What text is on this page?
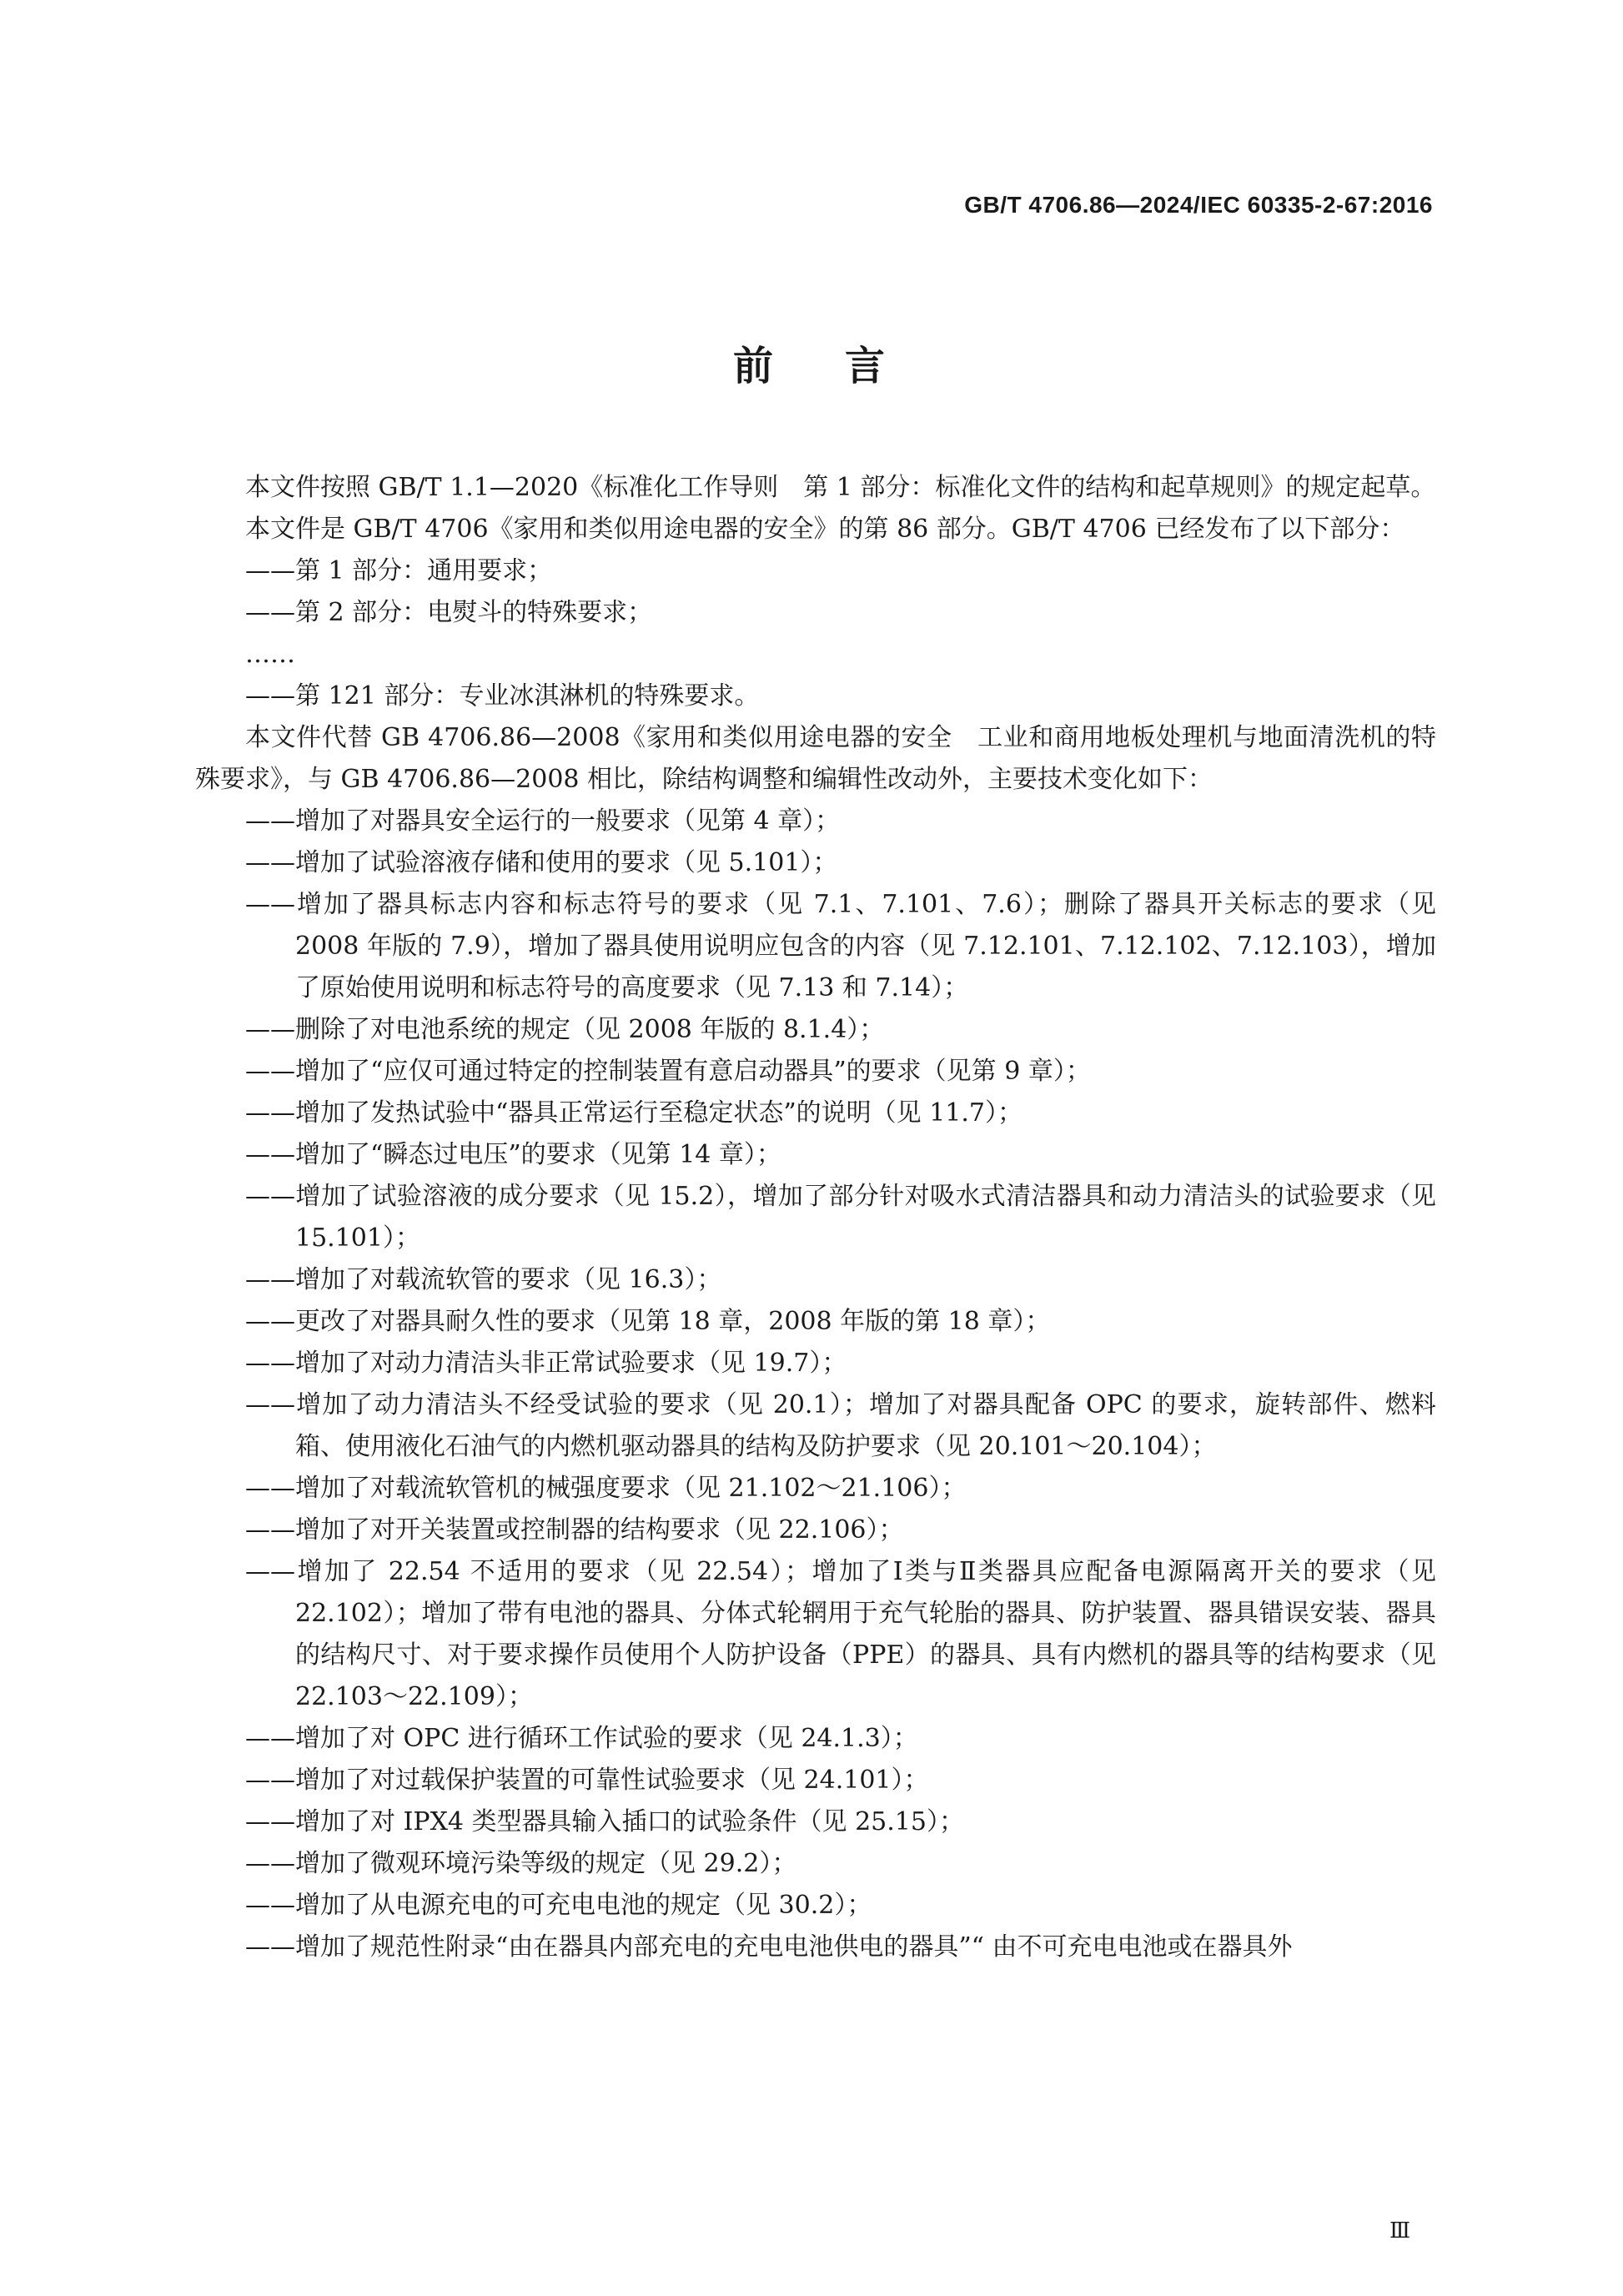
GB/T 4706.86—2024/IEC 60335-2-67:2016
前 言

本文件按照 GB/T 1.1—2020《标准化工作导则　第 1 部分：标准化文件的结构和起草规则》的规定起草。

本文件是 GB/T 4706《家用和类似用途电器的安全》的第 86 部分。GB/T 4706 已经发布了以下部分：

——第 1 部分：通用要求；

——第 2 部分：电熨斗的特殊要求；

……

——第 121 部分：专业冰淇淋机的特殊要求。

本文件代替 GB 4706.86—2008《家用和类似用途电器的安全　工业和商用地板处理机与地面清洗机的特殊要求》，与 GB 4706.86—2008 相比，除结构调整和编辑性改动外，主要技术变化如下：

——增加了对器具安全运行的一般要求（见第 4 章）；

——增加了试验溶液存储和使用的要求（见 5.101）；

——增加了器具标志内容和标志符号的要求（见 7.1、7.101、7.6）；删除了器具开关标志的要求（见 2008 年版的 7.9），增加了器具使用说明应包含的内容（见 7.12.101、7.12.102、7.12.103），增加了原始使用说明和标志符号的高度要求（见 7.13 和 7.14）；

——删除了对电池系统的规定（见 2008 年版的 8.1.4）；

——增加了“应仅可通过特定的控制装置有意启动器具”的要求（见第 9 章）；

——增加了发热试验中“器具正常运行至稳定状态”的说明（见 11.7）；

——增加了“瞬态过电压”的要求（见第 14 章）；

——增加了试验溶液的成分要求（见 15.2），增加了部分针对吸水式清洁器具和动力清洁头的试验要求（见 15.101）；

——增加了对载流软管的要求（见 16.3）；

——更改了对器具耐久性的要求（见第 18 章，2008 年版的第 18 章）；

——增加了对动力清洁头非正常试验要求（见 19.7）；

——增加了动力清洁头不经受试验的要求（见 20.1）；增加了对器具配备 OPC 的要求，旋转部件、燃料箱、使用液化石油气的内燃机驱动器具的结构及防护要求（见 20.101～20.104）；

——增加了对载流软管机的械强度要求（见 21.102～21.106）；

——增加了对开关装置或控制器的结构要求（见 22.106）；

——增加了 22.54 不适用的要求（见 22.54）；增加了Ⅰ类与Ⅱ类器具应配备电源隔离开关的要求（见 22.102）；增加了带有电池的器具、分体式轮辋用于充气轮胎的器具、防护装置、器具错误安装、器具的结构尺寸、对于要求操作员使用个人防护设备（PPE）的器具、具有内燃机的器具等的结构要求（见 22.103～22.109）；

——增加了对 OPC 进行循环工作试验的要求（见 24.1.3）；

——增加了对过载保护装置的可靠性试验要求（见 24.101）；

——增加了对 IPX4 类型器具输入插口的试验条件（见 25.15）；

——增加了微观环境污染等级的规定（见 29.2）；

——增加了从电源充电的可充电电池的规定（见 30.2）；

——增加了规范性附录“由在器具内部充电的充电电池供电的器具”“ 由不可充电电池或在器具外

Ⅲ
